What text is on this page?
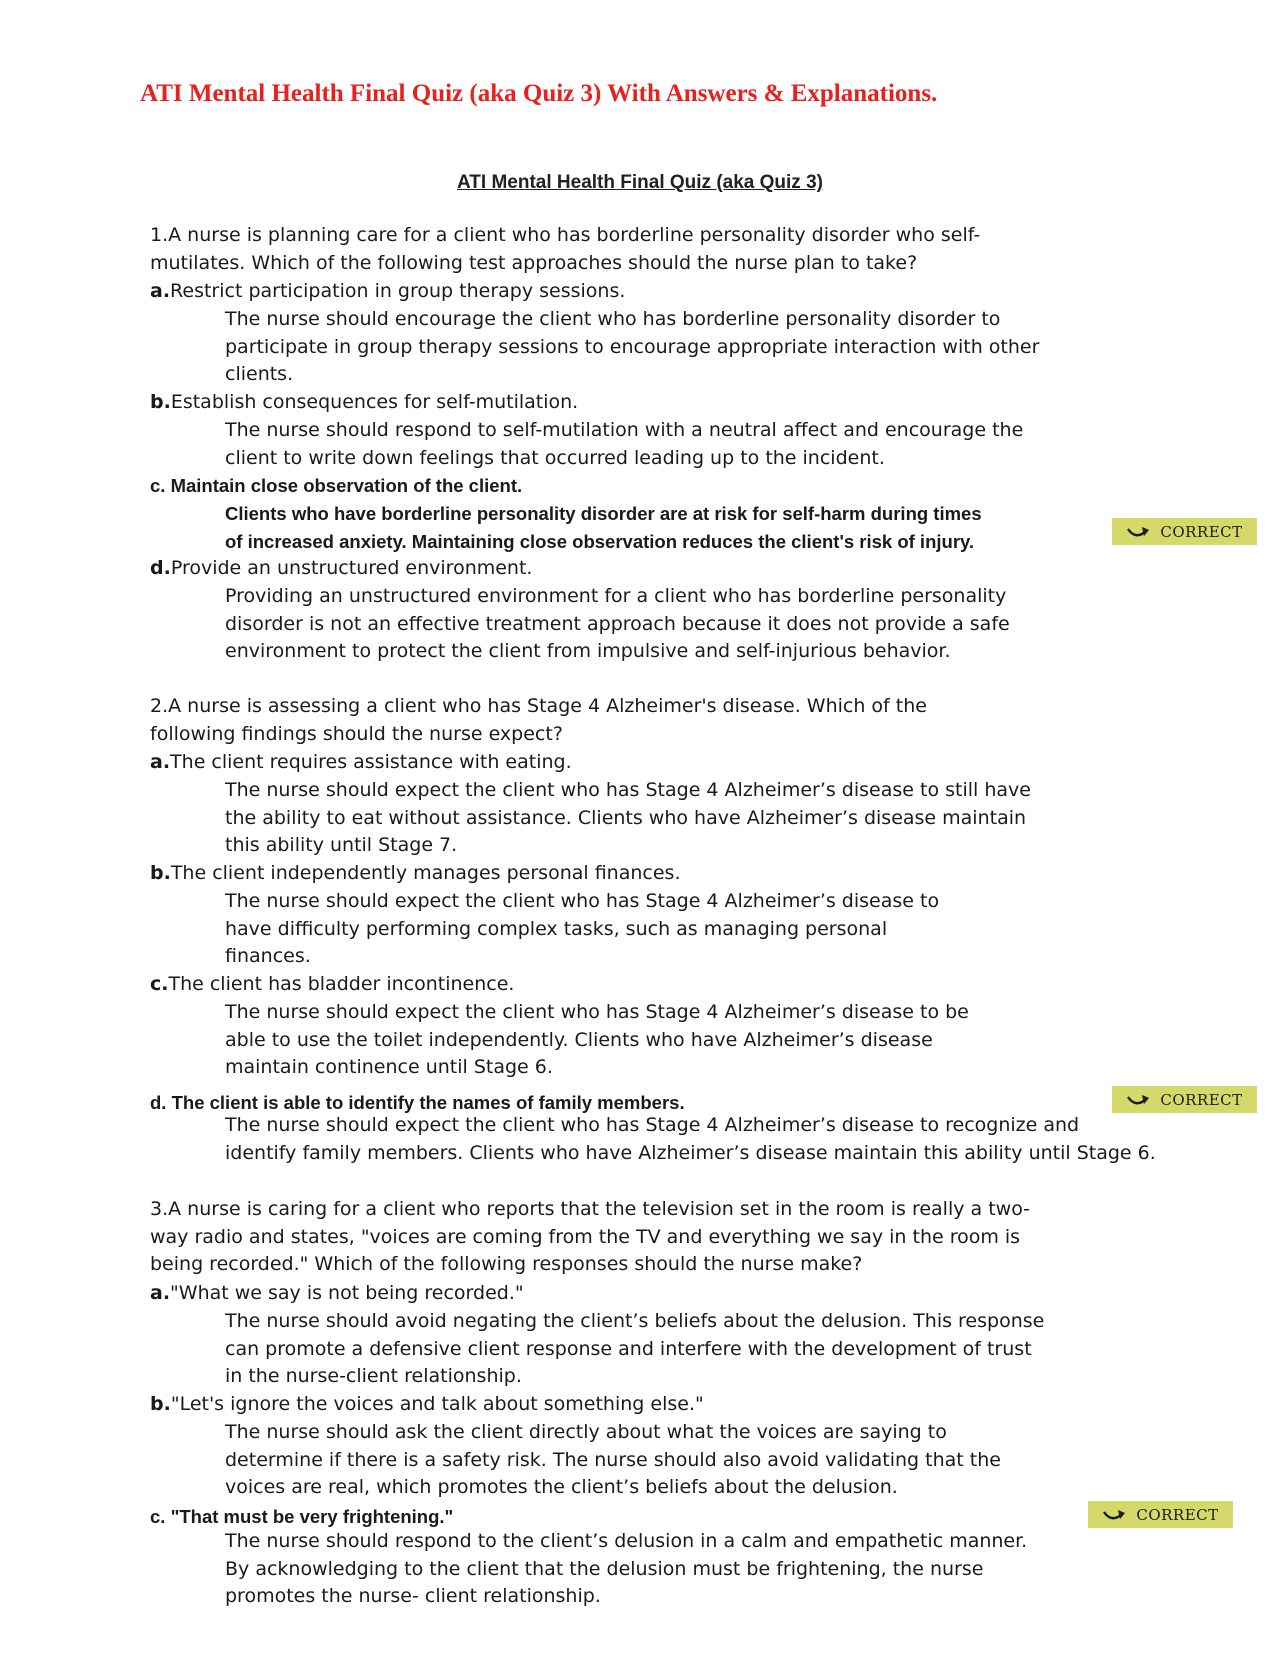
ATI Mental Health Final Quiz (aka Quiz 3) With Answers & Explanations.
ATI Mental Health Final Quiz (aka Quiz 3)
1.A nurse is planning care for a client who has borderline personality disorder who self-
mutilates. Which of the following test approaches should the nurse plan to take?
a.Restrict participation in group therapy sessions.
The nurse should encourage the client who has borderline personality disorder to
participate in group therapy sessions to encourage appropriate interaction with other
clients.
b.Establish consequences for self-mutilation.
The nurse should respond to self-mutilation with a neutral affect and encourage the
client to write down feelings that occurred leading up to the incident.
c. Maintain close observation of the client.
Clients who have borderline personality disorder are at risk for self-harm during times
of increased anxiety. Maintaining close observation reduces the client's risk of injury.	CORRECT
d.Provide an unstructured environment.
Providing an unstructured environment for a client who has borderline personality
disorder is not an effective treatment approach because it does not provide a safe
environment to protect the client from impulsive and self-injurious behavior.
2.A nurse is assessing a client who has Stage 4 Alzheimer's disease. Which of the
following findings should the nurse expect?
a.The client requires assistance with eating.
The nurse should expect the client who has Stage 4 Alzheimer’s disease to still have
the ability to eat without assistance. Clients who have Alzheimer’s disease maintain
this ability until Stage 7.
b.The client independently manages personal finances.
The nurse should expect the client who has Stage 4 Alzheimer’s disease to
have difficulty performing complex tasks, such as managing personal
finances.
c.The client has bladder incontinence.
The nurse should expect the client who has Stage 4 Alzheimer’s disease to be
able to use the toilet independently. Clients who have Alzheimer’s disease
maintain continence until Stage 6.
d. The client is able to identify the names of family members.	CORRECT
The nurse should expect the client who has Stage 4 Alzheimer’s disease to recognize and
identify family members. Clients who have Alzheimer’s disease maintain this ability until Stage 6.
3.A nurse is caring for a client who reports that the television set in the room is really a two-
way radio and states, "voices are coming from the TV and everything we say in the room is
being recorded." Which of the following responses should the nurse make?
a."What we say is not being recorded."
The nurse should avoid negating the client’s beliefs about the delusion. This response
can promote a defensive client response and interfere with the development of trust
in the nurse-client relationship.
b."Let's ignore the voices and talk about something else."
The nurse should ask the client directly about what the voices are saying to
determine if there is a safety risk. The nurse should also avoid validating that the
voices are real, which promotes the client’s beliefs about the delusion.
c. "That must be very frightening."	CORRECT
The nurse should respond to the client’s delusion in a calm and empathetic manner.
By acknowledging to the client that the delusion must be frightening, the nurse
promotes the nurse- client relationship.
